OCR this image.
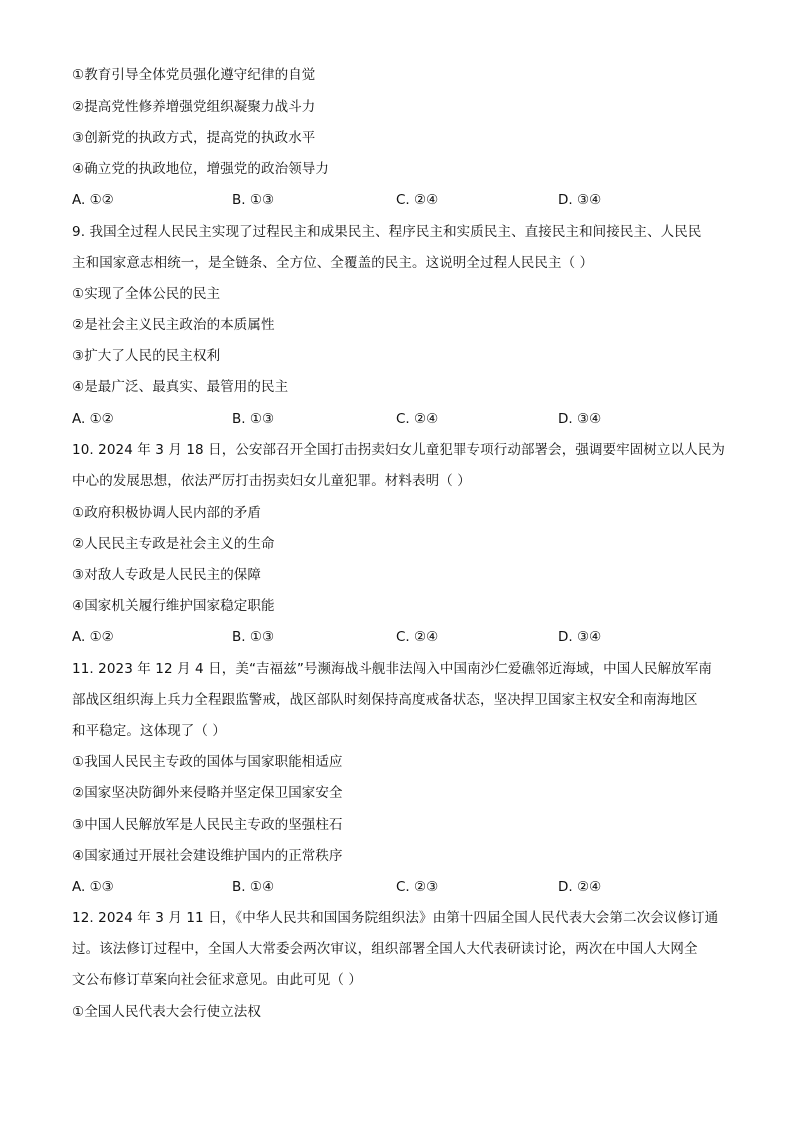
①教育引导全体党员强化遵守纪律的自觉
②提高党性修养增强党组织凝聚力战斗力
③创新党的执政方式，提高党的执政水平
④确立党的执政地位，增强党的政治领导力
A. ①②	B. ①③	C. ②④	D. ③④
9. 我国全过程人民民主实现了过程民主和成果民主、程序民主和实质民主、直接民主和间接民主、人民民
主和国家意志相统一，是全链条、全方位、全覆盖的民主。这说明全过程人民民主（ ）
①实现了全体公民的民主
②是社会主义民主政治的本质属性
③扩大了人民的民主权利
④是最广泛、最真实、最管用的民主
A. ①②	B. ①③	C. ②④	D. ③④
10. 2024 年 3 月 18 日，公安部召开全国打击拐卖妇女儿童犯罪专项行动部署会，强调要牢固树立以人民为
中心的发展思想，依法严厉打击拐卖妇女儿童犯罪。材料表明（ ）
①政府积极协调人民内部的矛盾
②人民民主专政是社会主义的生命
③对敌人专政是人民民主的保障
④国家机关履行维护国家稳定职能
A. ①②	B. ①③	C. ②④	D. ③④
11. 2023 年 12 月 4 日，美“吉福兹”号濒海战斗舰非法闯入中国南沙仁爱礁邻近海域，中国人民解放军南
部战区组织海上兵力全程跟监警戒，战区部队时刻保持高度戒备状态，坚决捍卫国家主权安全和南海地区
和平稳定。这体现了（ ）
①我国人民民主专政的国体与国家职能相适应
②国家坚决防御外来侵略并坚定保卫国家安全
③中国人民解放军是人民民主专政的坚强柱石
④国家通过开展社会建设维护国内的正常秩序
A. ①③	B. ①④	C. ②③	D. ②④
12. 2024 年 3 月 11 日，《中华人民共和国国务院组织法》由第十四届全国人民代表大会第二次会议修订通
过。该法修订过程中，全国人大常委会两次审议，组织部署全国人大代表研读讨论，两次在中国人大网全
文公布修订草案向社会征求意见。由此可见（ ）
①全国人民代表大会行使立法权
